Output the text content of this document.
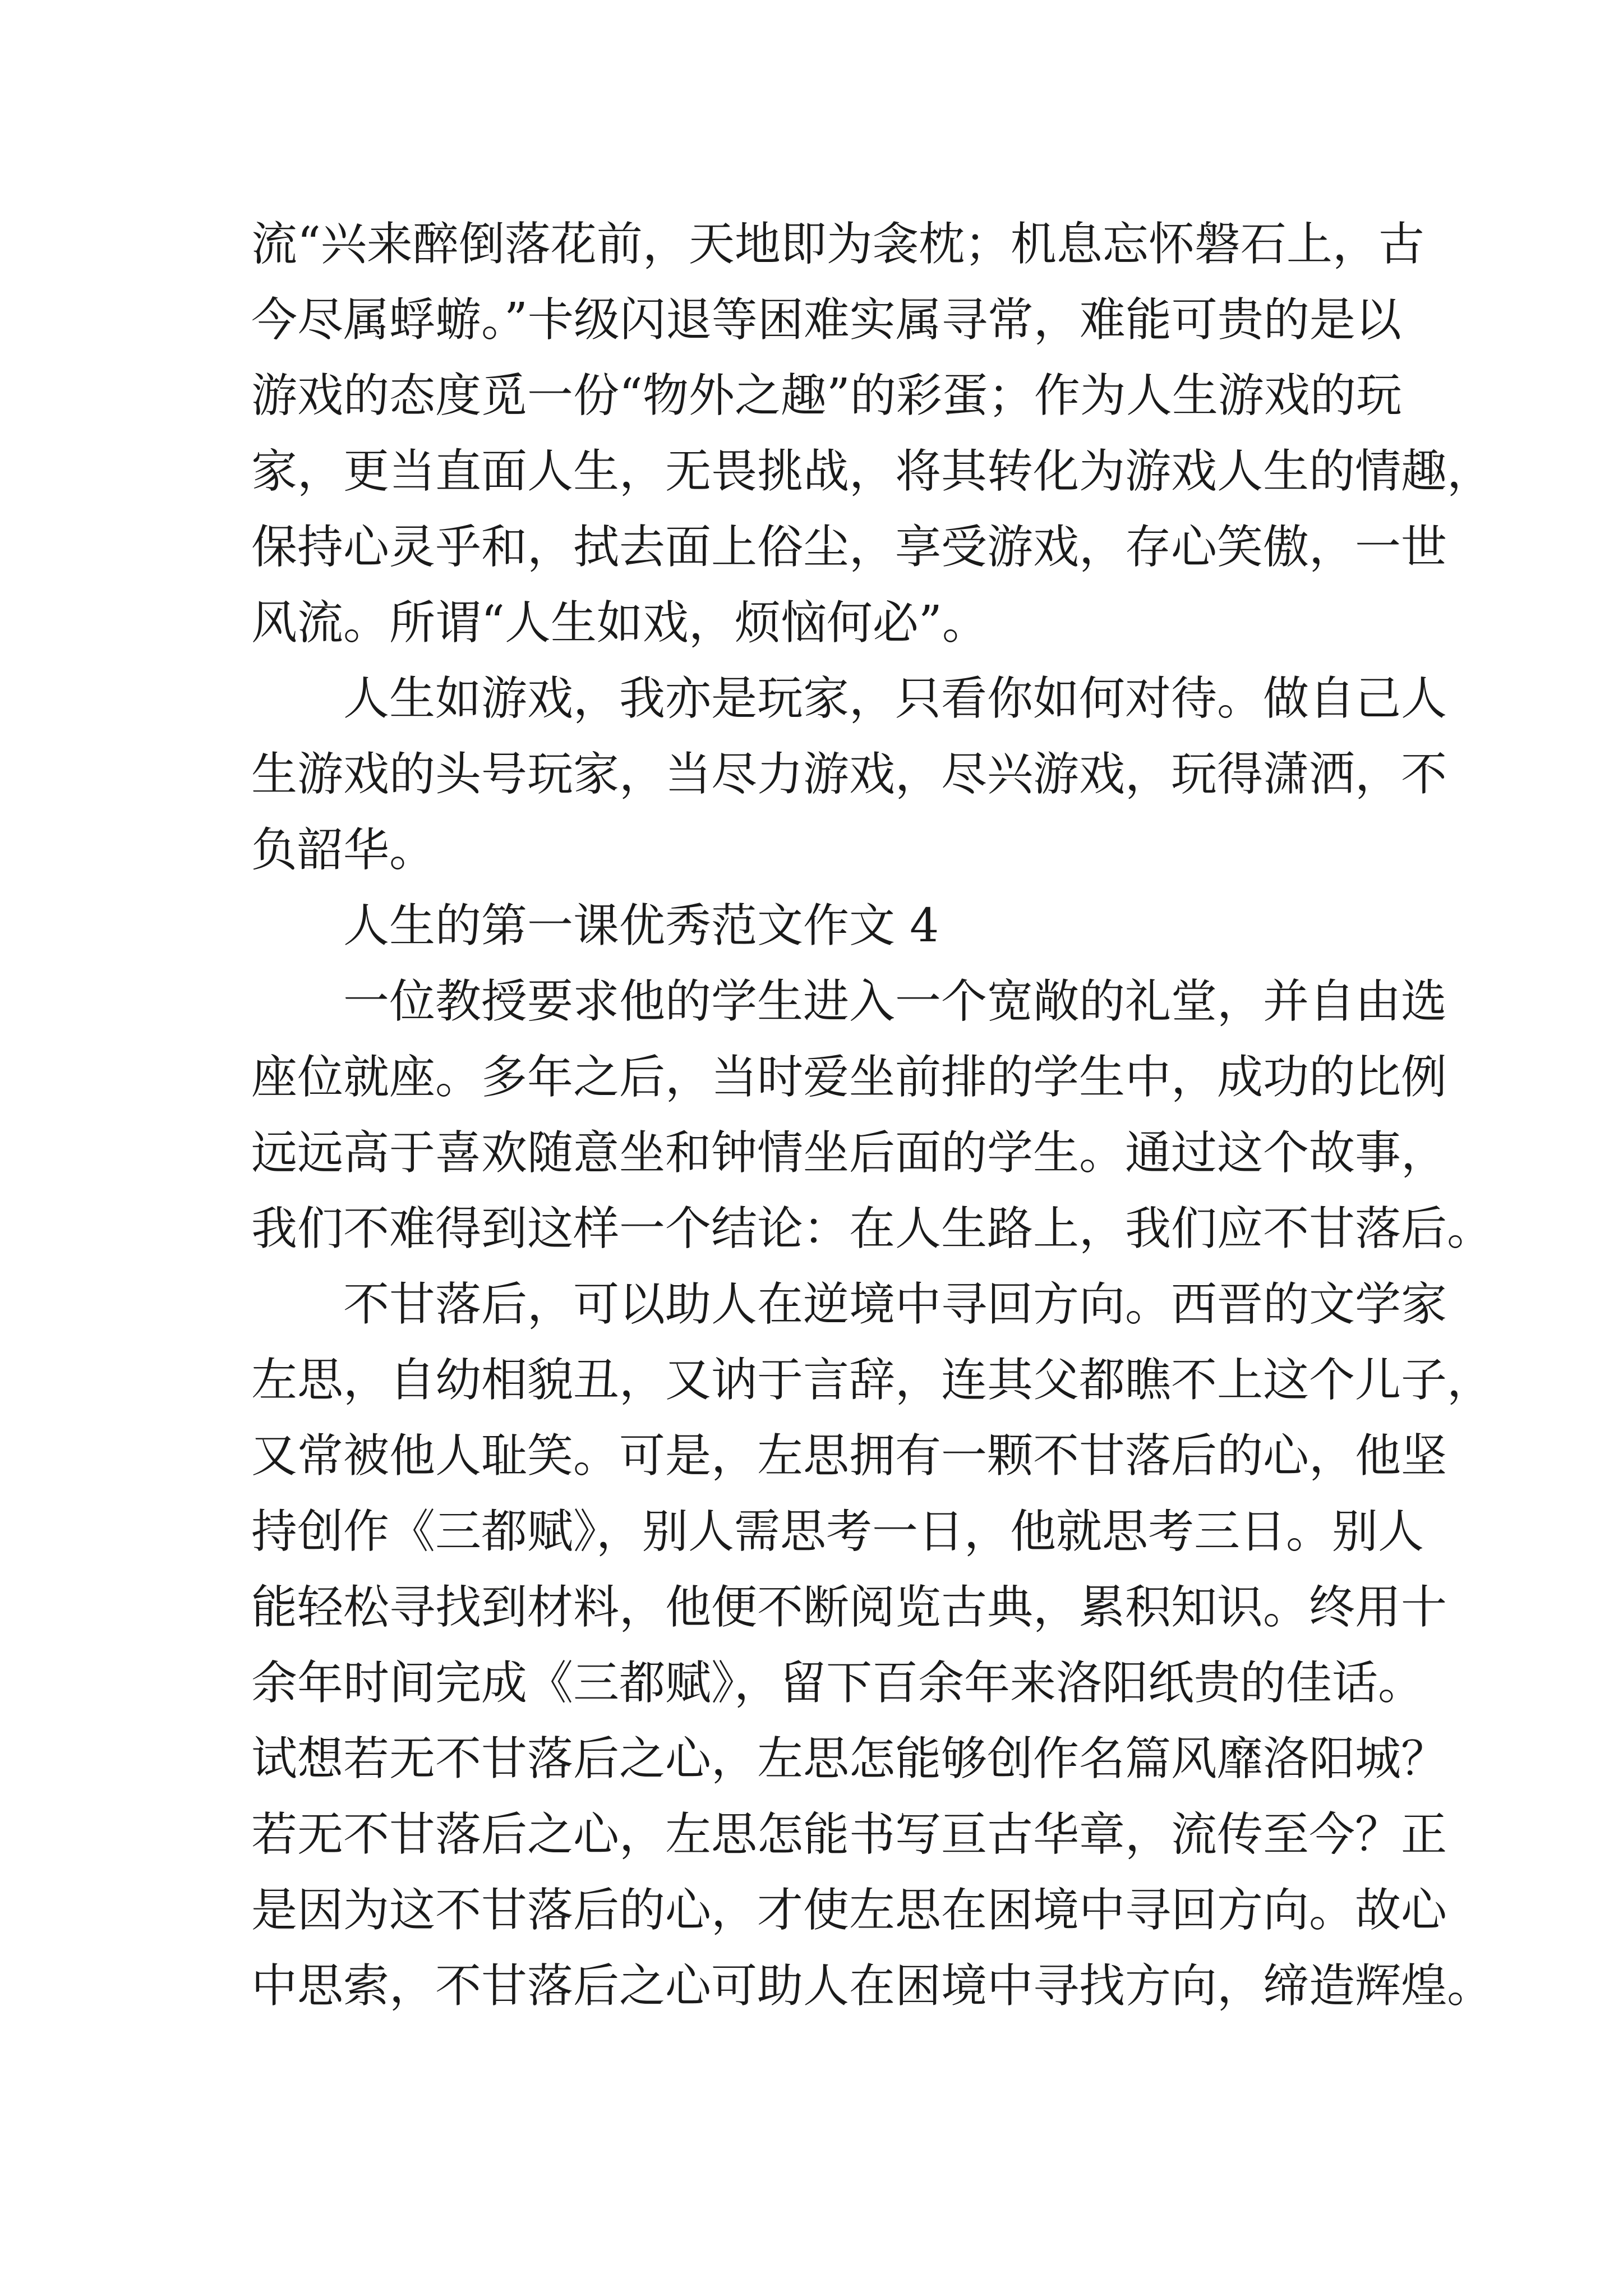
流“兴来醉倒落花前，天地即为衾枕；机息忘怀磐石上，古
今尽属蜉蝣。”卡级闪退等困难实属寻常，难能可贵的是以
游戏的态度觅一份“物外之趣”的彩蛋；作为人生游戏的玩
家，更当直面人生，无畏挑战，将其转化为游戏人生的情趣，
保持心灵乎和，拭去面上俗尘，享受游戏，存心笑傲，一世
风流。所谓“人生如戏，烦恼何必”。
人生如游戏，我亦是玩家，只看你如何对待。做自己人
生游戏的头号玩家，当尽力游戏，尽兴游戏，玩得潇洒，不
负韶华。
人生的第一课优秀范文作文 4
一位教授要求他的学生进入一个宽敞的礼堂，并自由选
座位就座。多年之后，当时爱坐前排的学生中，成功的比例
远远高于喜欢随意坐和钟情坐后面的学生。通过这个故事，
我们不难得到这样一个结论：在人生路上，我们应不甘落后。
不甘落后，可以助人在逆境中寻回方向。西晋的文学家
左思，自幼相貌丑，又讷于言辞，连其父都瞧不上这个儿子，
又常被他人耻笑。可是，左思拥有一颗不甘落后的心，他坚
持创作《三都赋》，别人需思考一日，他就思考三日。别人
能轻松寻找到材料，他便不断阅览古典，累积知识。终用十
余年时间完成《三都赋》，留下百余年来洛阳纸贵的佳话。
试想若无不甘落后之心，左思怎能够创作名篇风靡洛阳城？
若无不甘落后之心，左思怎能书写亘古华章，流传至今？正
是因为这不甘落后的心，才使左思在困境中寻回方向。故心
中思索，不甘落后之心可助人在困境中寻找方向，缔造辉煌。
